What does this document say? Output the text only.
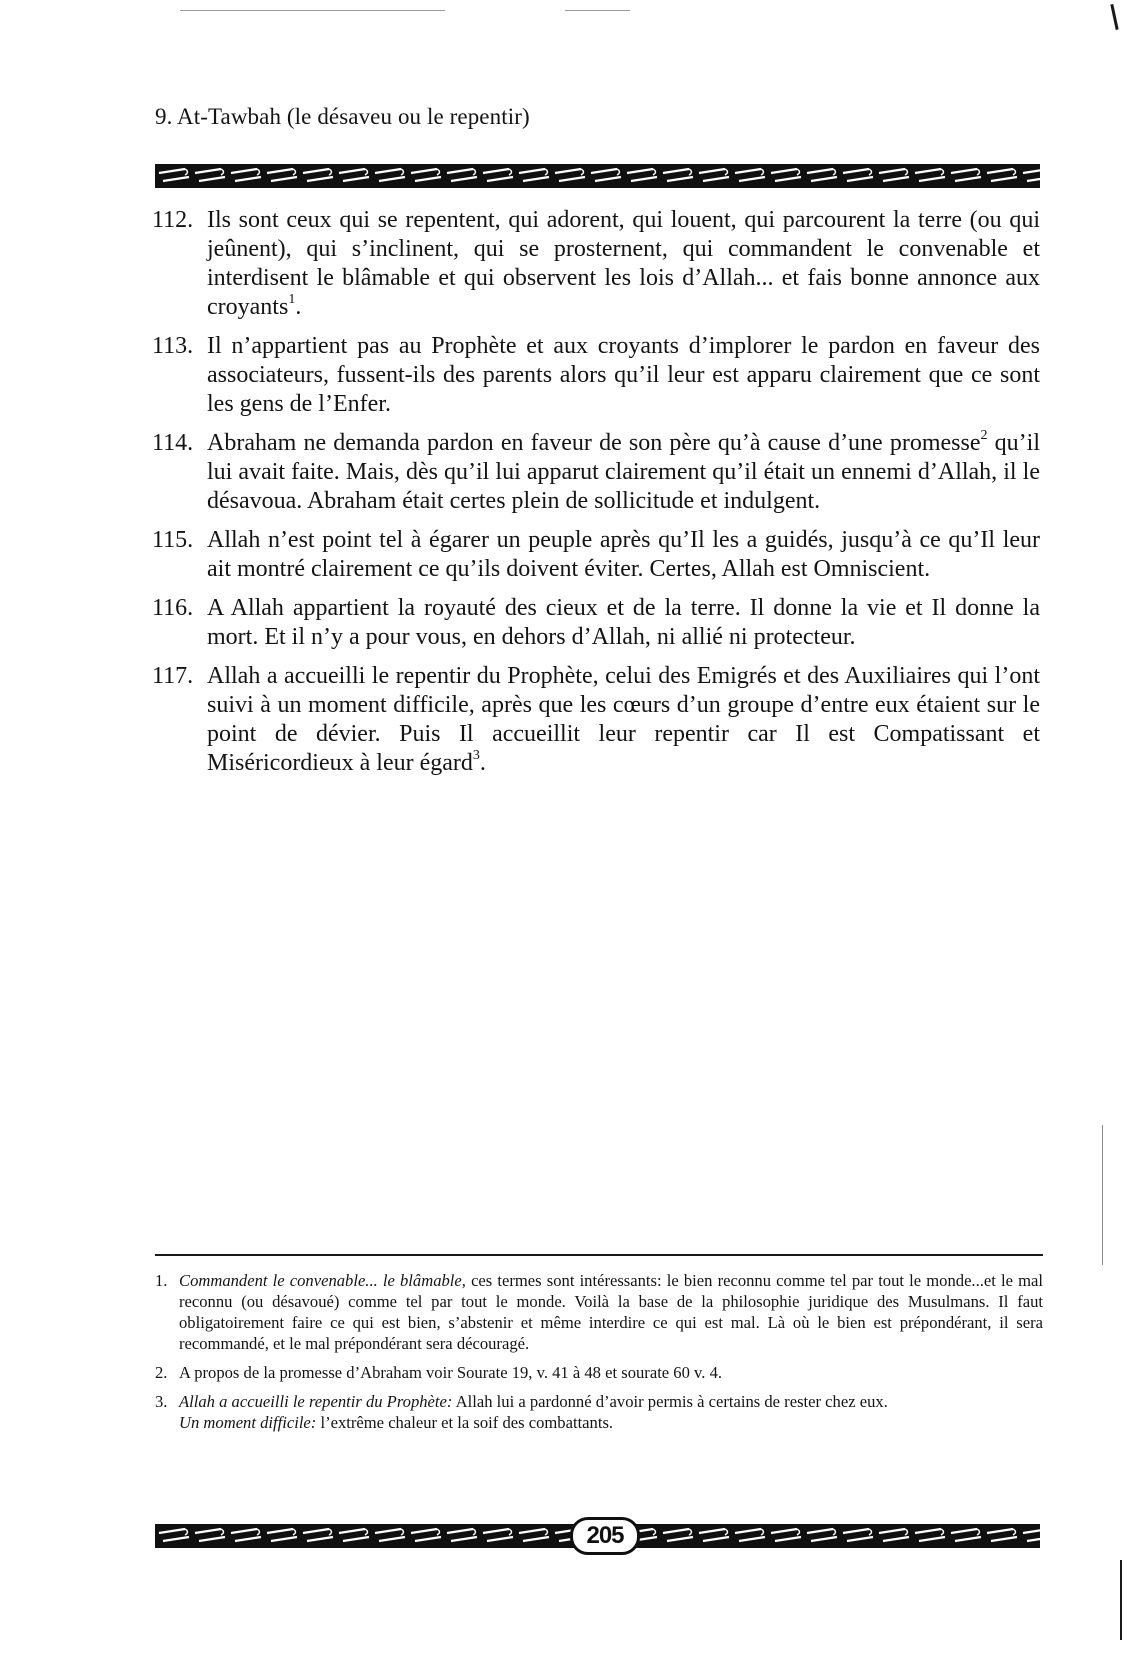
9. At-Tawbah (le désaveu ou le repentir)
112. Ils sont ceux qui se repentent, qui adorent, qui louent, qui parcourent la terre (ou qui jeûnent), qui s’inclinent, qui se prosternent, qui commandent le convenable et interdisent le blâmable et qui observent les lois d’Allah... et fais bonne annonce aux croyants$^1$.
113. Il n’appartient pas au Prophète et aux croyants d’implorer le pardon en faveur des associateurs, fussent-ils des parents alors qu’il leur est apparu clairement que ce sont les gens de l’Enfer.
114. Abraham ne demanda pardon en faveur de son père qu’à cause d’une promesse$^2$ qu’il lui avait faite. Mais, dès qu’il lui apparut clairement qu’il était un ennemi d’Allah, il le désavoua. Abraham était certes plein de sollicitude et indulgent.
115. Allah n’est point tel à égarer un peuple après qu’Il les a guidés, jusqu’à ce qu’Il leur ait montré clairement ce qu’ils doivent éviter. Certes, Allah est Omniscient.
116. A Allah appartient la royauté des cieux et de la terre. Il donne la vie et Il donne la mort. Et il n’y a pour vous, en dehors d’Allah, ni allié ni protecteur.
117. Allah a accueilli le repentir du Prophète, celui des Emigrés et des Auxiliaires qui l’ont suivi à un moment difficile, après que les cœurs d’un groupe d’entre eux étaient sur le point de dévier. Puis Il accueillit leur repentir car Il est Compatissant et Miséricordieux à leur égard$^3$.
1. Commandent le convenable... le blâmable, ces termes sont intéressants: le bien reconnu comme tel par tout le monde...et le mal reconnu (ou désavoué) comme tel par tout le monde. Voilà la base de la philosophie juridique des Musulmans. Il faut obligatoirement faire ce qui est bien, s’abstenir et même interdire ce qui est mal. Là où le bien est prépondérant, il sera recommandé, et le mal prépondérant sera découragé.
2. A propos de la promesse d’Abraham voir Sourate 19, v. 41 à 48 et sourate 60 v. 4.
3. Allah a accueilli le repentir du Prophète: Allah lui a pardonné d’avoir permis à certains de rester chez eux.
Un moment difficile: l’extrême chaleur et la soif des combattants.
205
